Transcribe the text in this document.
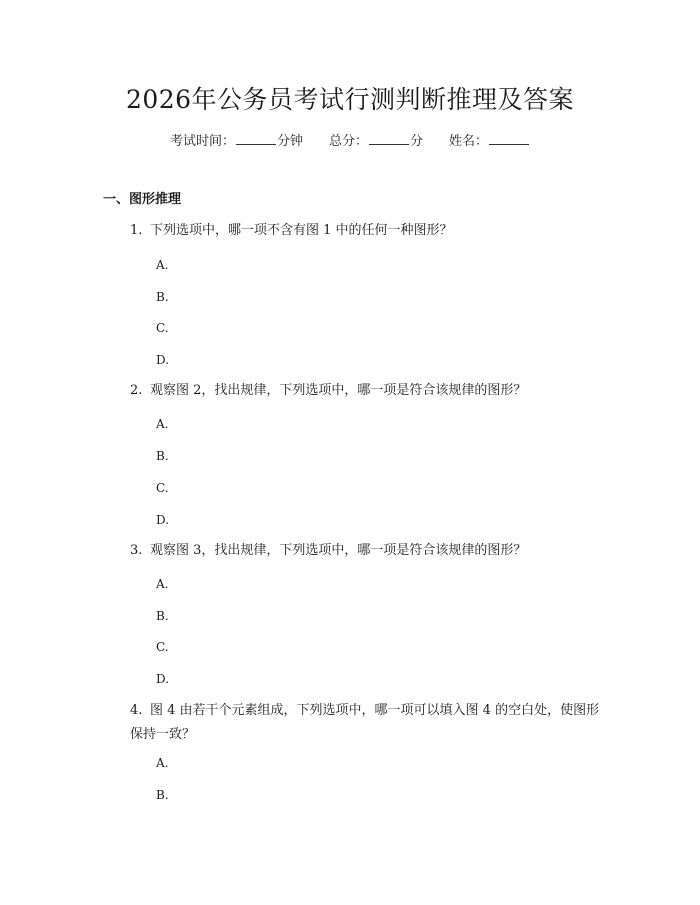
2026年公务员考试行测判断推理及答案
考试时间：	分钟 总分：	分 姓名：
一、图形推理
1. 下列选项中，哪一项不含有图 1 中的任何一种图形？
A.
B.
C.
D.
2. 观察图 2，找出规律，下列选项中，哪一项是符合该规律的图形？
A.
B.
C.
D.
3. 观察图 3，找出规律，下列选项中，哪一项是符合该规律的图形？
A.
B.
C.
D.
4. 图 4 由若干个元素组成，下列选项中，哪一项可以填入图 4 的空白处，使图形保持一致？
A.
B.
